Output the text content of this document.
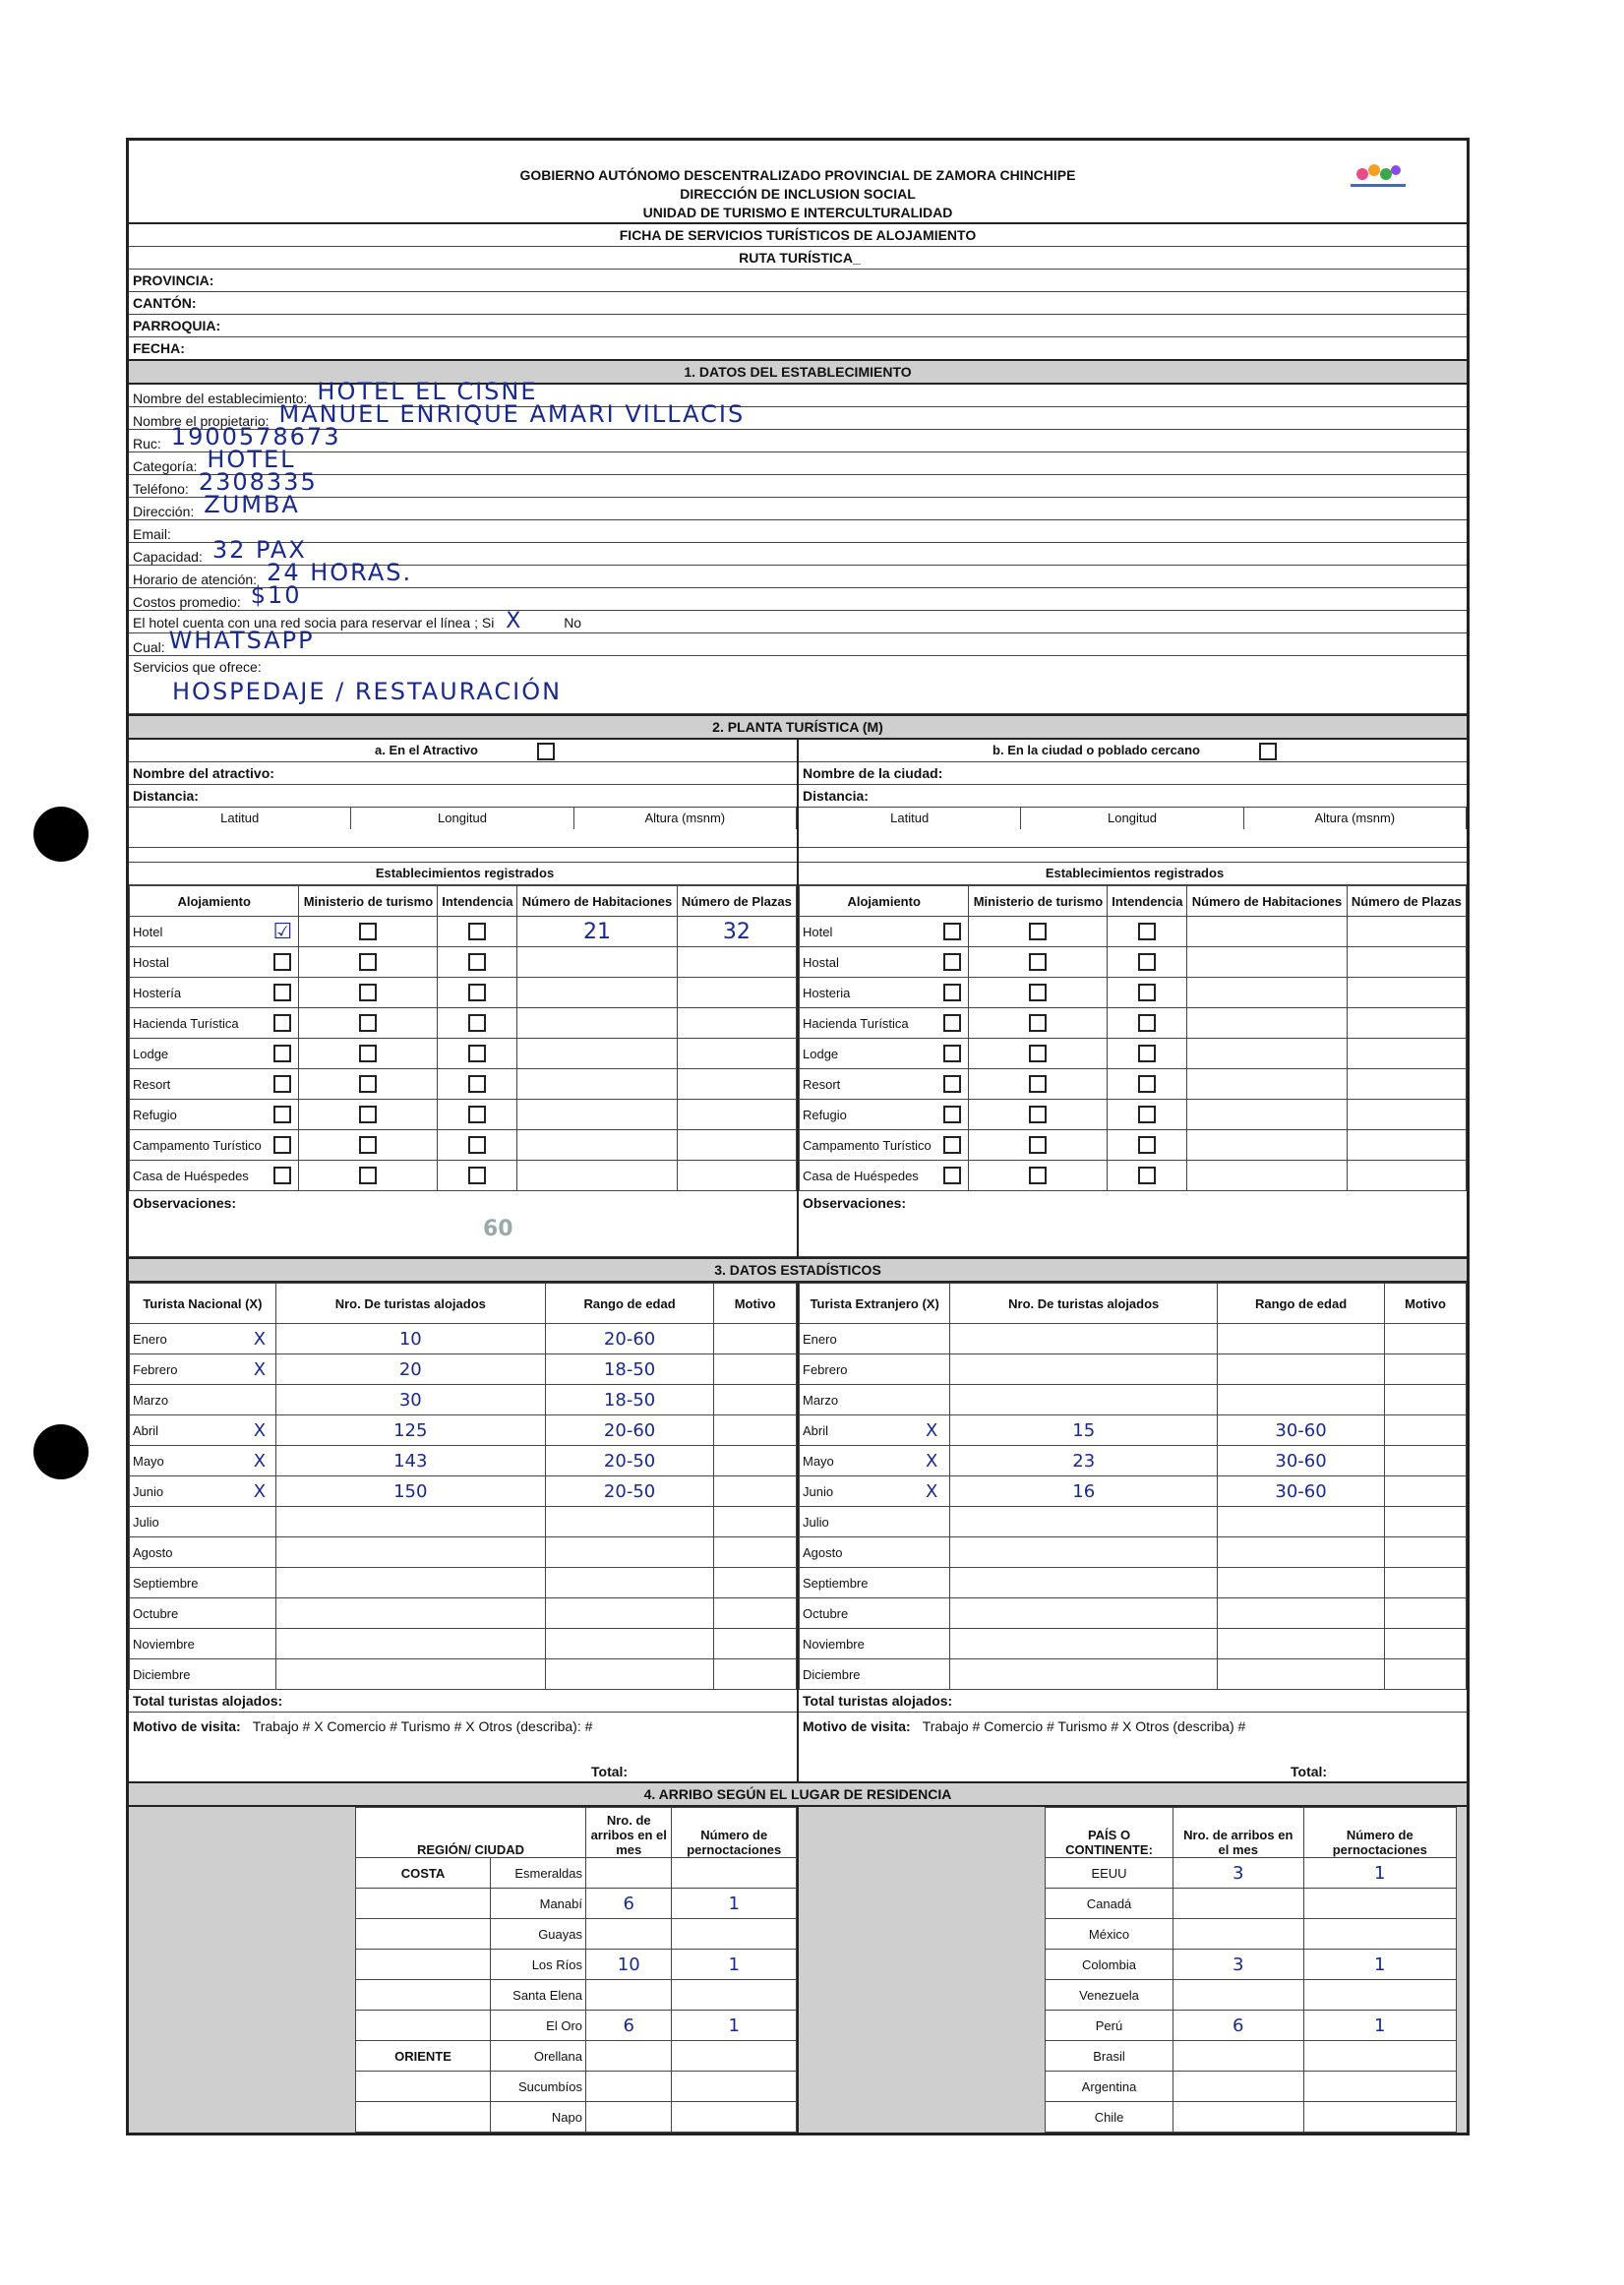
GOBIERNO AUTÓNOMO DESCENTRALIZADO PROVINCIAL DE ZAMORA CHINCHIPE
DIRECCIÓN DE INCLUSION SOCIAL
UNIDAD DE TURISMO E INTERCULTURALIDAD
FICHA DE SERVICIOS TURÍSTICOS DE ALOJAMIENTO
RUTA TURÍSTICA_
PROVINCIA:
CANTÓN:
PARROQUIA:
FECHA:
1. DATOS DEL ESTABLECIMIENTO
Nombre del establecimiento: HOTEL EL CISNE
Nombre el propietario: MANUEL ENRIQUE AMARI VILLACIS
Ruc: 1900578673
Categoría: HOTEL
Teléfono: 2308335
Dirección: ZUMBA
Email:
Capacidad: 32 PAX
Horario de atención: 24 HORAS.
Costos promedio: $10
El hotel cuenta con una red socia para reservar el línea ; Si X	No
Cual: WHATSAPP
Servicios que ofrece:
HOSPEDAJE / RESTAURACIÓN
2. PLANTA TURÍSTICA (M)
a. En el Atractivo
Nombre del atractivo:
Distancia:
Latitud	Longitud	Altura (msnm)
Establecimientos registrados
Alojamiento		Ministerio de turismo	Intendencia	Número de Habitaciones	Número de Plazas
Hotel	☑			21	32
Hostal					
Hostería					
Hacienda Turística					
Lodge					
Resort					
Refugio					
Campamento Turístico					
Casa de Huéspedes					
Observaciones:
60
b. En la ciudad o poblado cercano
Nombre de la ciudad:
Distancia:
Latitud	Longitud	Altura (msnm)
Establecimientos registrados
Alojamiento		Ministerio de turismo	Intendencia	Número de Habitaciones	Número de Plazas
Hotel					
Hostal					
Hosteria					
Hacienda Turística					
Lodge					
Resort					
Refugio					
Campamento Turístico					
Casa de Huéspedes					
Observaciones:
3. DATOS ESTADÍSTICOS
Turista Nacional (X)		Nro. De turistas alojados	Rango de edad	Motivo
Enero	X	10	20-60	
Febrero	X	20	18-50	
Marzo		30	18-50	
Abril	X	125	20-60	
Mayo	X	143	20-50	
Junio	X	150	20-50	
Julio				
Agosto				
Septiembre				
Octubre				
Noviembre				
Diciembre				
Total turistas alojados:
Motivo de visita: Trabajo # X Comercio # Turismo # X Otros (describa): #
Total:
Turista Extranjero (X)		Nro. De turistas alojados	Rango de edad	Motivo
Enero				
Febrero				
Marzo				
Abril	X	15	30-60	
Mayo	X	23	30-60	
Junio	X	16	30-60	
Julio				
Agosto				
Septiembre				
Octubre				
Noviembre				
Diciembre				
Total turistas alojados:
Motivo de visita: Trabajo # Comercio # Turismo # X Otros (describa) #
Total:
4. ARRIBO SEGÚN EL LUGAR DE RESIDENCIA
REGIÓN/ CIUDAD		Nro. de arribos en el mes	Número de pernoctaciones
COSTA	Esmeraldas		
	Manabí	6	1
	Guayas		
	Los Ríos	10	1
	Santa Elena		
	El Oro	6	1
ORIENTE	Orellana		
	Sucumbíos		
	Napo		
PAÍS O CONTINENTE:	Nro. de arribos en el mes	Número de pernoctaciones
EEUU	3	1
Canadá		
México		
Colombia	3	1
Venezuela		
Perú	6	1
Brasil		
Argentina		
Chile		
